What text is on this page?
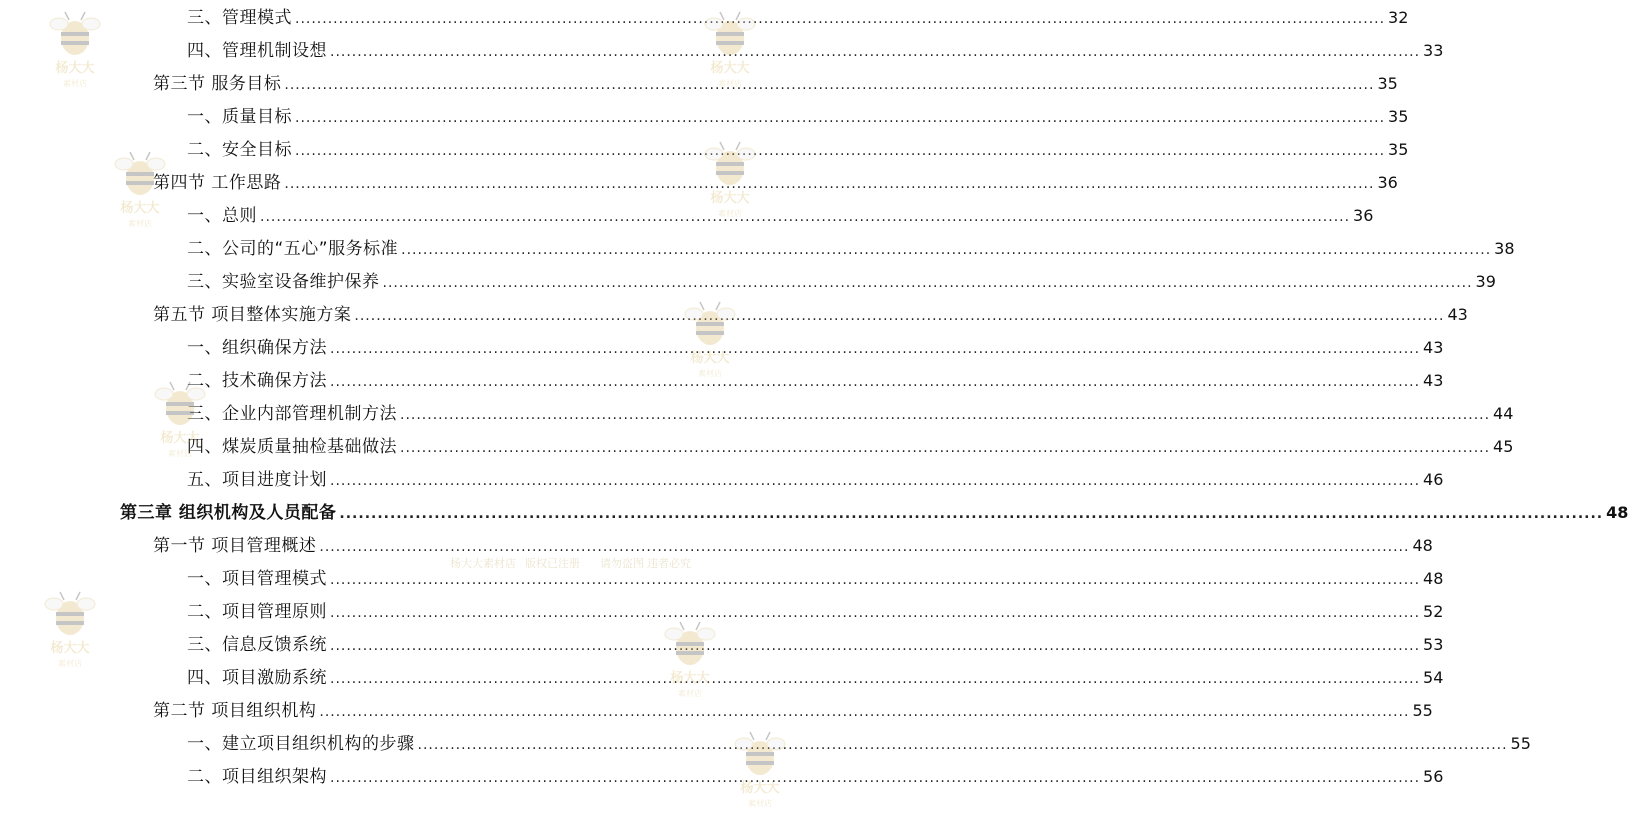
三、管理模式 .....	32
四、管理机制设想 .....	33
第三节 服务目标 .....	35
一、质量目标 .....	35
二、安全目标 .....	35
第四节 工作思路 .....	36
一、总则 .....	36
二、公司的“五心”服务标准 .....	38
三、实验室设备维护保养 .....	39
第五节 项目整体实施方案 .....	43
一、组织确保方法 .....	43
二、技术确保方法 .....	43
三、企业内部管理机制方法 .....	44
四、煤炭质量抽检基础做法 .....	45
五、项目进度计划 .....	46
第三章 组织机构及人员配备 .....	48
第一节 项目管理概述 .....	48
一、项目管理模式 .....	48
二、项目管理原则 .....	52
三、信息反馈系统 .....	53
四、项目激励系统 .....	54
第二节 项目组织机构 .....	55
一、建立项目组织机构的步骤 .....	55
二、项目组织架构 .....	56
杨大大
素材店
杨大大
素材店
杨大大
素材店
杨大大
素材店
杨大大
素材店
杨大大
素材店
杨大大
素材店
杨大大
素材店
杨大大
素材店
杨大大素材店 版权已注册 请勿盗图 违者必究
